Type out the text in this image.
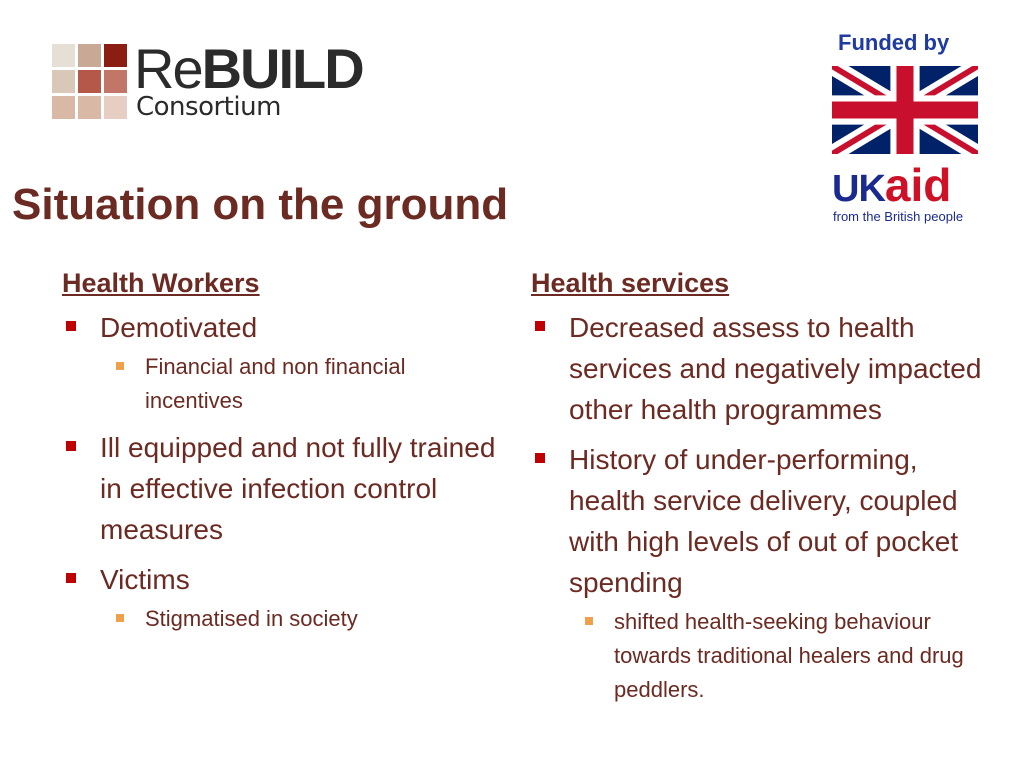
ReBUILD
Consortium
Funded by
UKaid
from the British people
Situation on the ground
Health Workers
Demotivated
Financial and non financial incentives
Ill equipped and not fully trained in effective infection control measures
Victims
Stigmatised in society
Health services
Decreased assess to health services and negatively impacted other health programmes
History of under-performing, health service delivery, coupled with high levels of out of pocket spending
shifted health-seeking behaviour towards traditional healers and drug peddlers.
